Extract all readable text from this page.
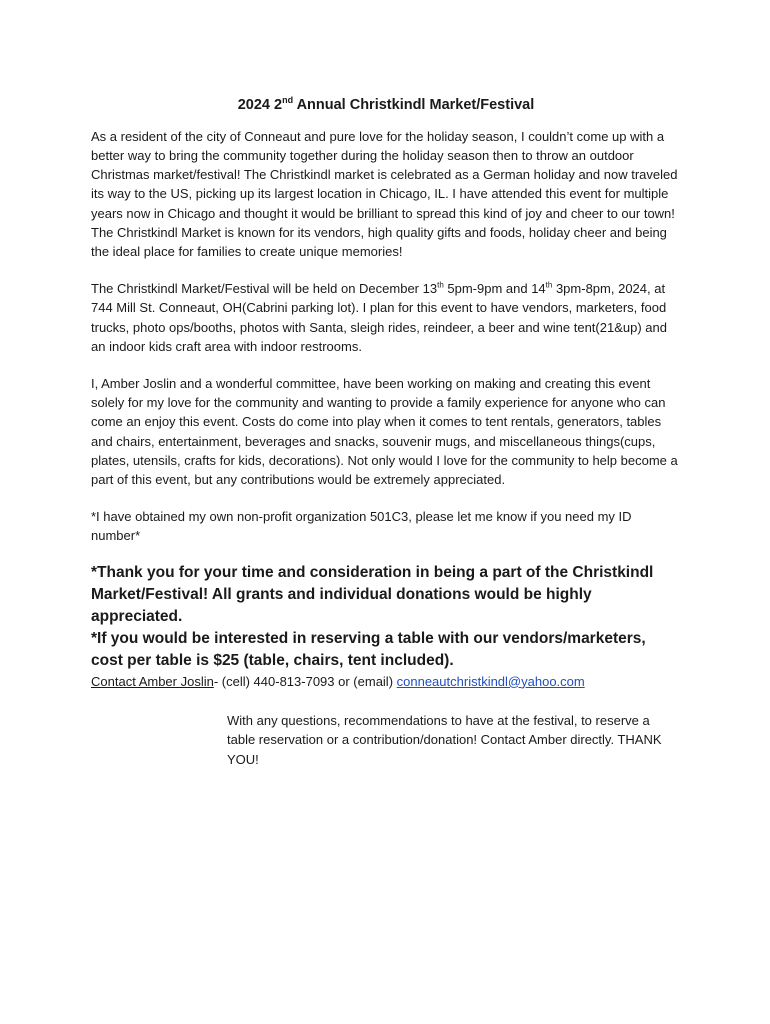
2024 2nd Annual Christkindl Market/Festival

As a resident of the city of Conneaut and pure love for the holiday season, I couldn’t come up with a better way to bring the community together during the holiday season then to throw an outdoor Christmas market/festival! The Christkindl market is celebrated as a German holiday and now traveled its way to the US, picking up its largest location in Chicago, IL. I have attended this event for multiple years now in Chicago and thought it would be brilliant to spread this kind of joy and cheer to our town! The Christkindl Market is known for its vendors, high quality gifts and foods, holiday cheer and being the ideal place for families to create unique memories!

The Christkindl Market/Festival will be held on December 13th 5pm-9pm and 14th 3pm-8pm, 2024, at 744 Mill St. Conneaut, OH(Cabrini parking lot). I plan for this event to have vendors, marketers, food trucks, photo ops/booths, photos with Santa, sleigh rides, reindeer, a beer and wine tent(21&up) and an indoor kids craft area with indoor restrooms.

I, Amber Joslin and a wonderful committee, have been working on making and creating this event solely for my love for the community and wanting to provide a family experience for anyone who can come an enjoy this event. Costs do come into play when it comes to tent rentals, generators, tables and chairs, entertainment, beverages and snacks, souvenir mugs, and miscellaneous things(cups, plates, utensils, crafts for kids, decorations). Not only would I love for the community to help become a part of this event, but any contributions would be extremely appreciated.

*I have obtained my own non-profit organization 501C3, please let me know if you need my ID number*

*Thank you for your time and consideration in being a part of the Christkindl Market/Festival! All grants and individual donations would be highly appreciated.

*If you would be interested in reserving a table with our vendors/marketers, cost per table is $25 (table, chairs, tent included).

Contact Amber Joslin- (cell) 440-813-7093 or (email) conneautchristkindl@yahoo.com

With any questions, recommendations to have at the festival, to reserve a table reservation or a contribution/donation! Contact Amber directly. THANK YOU!
